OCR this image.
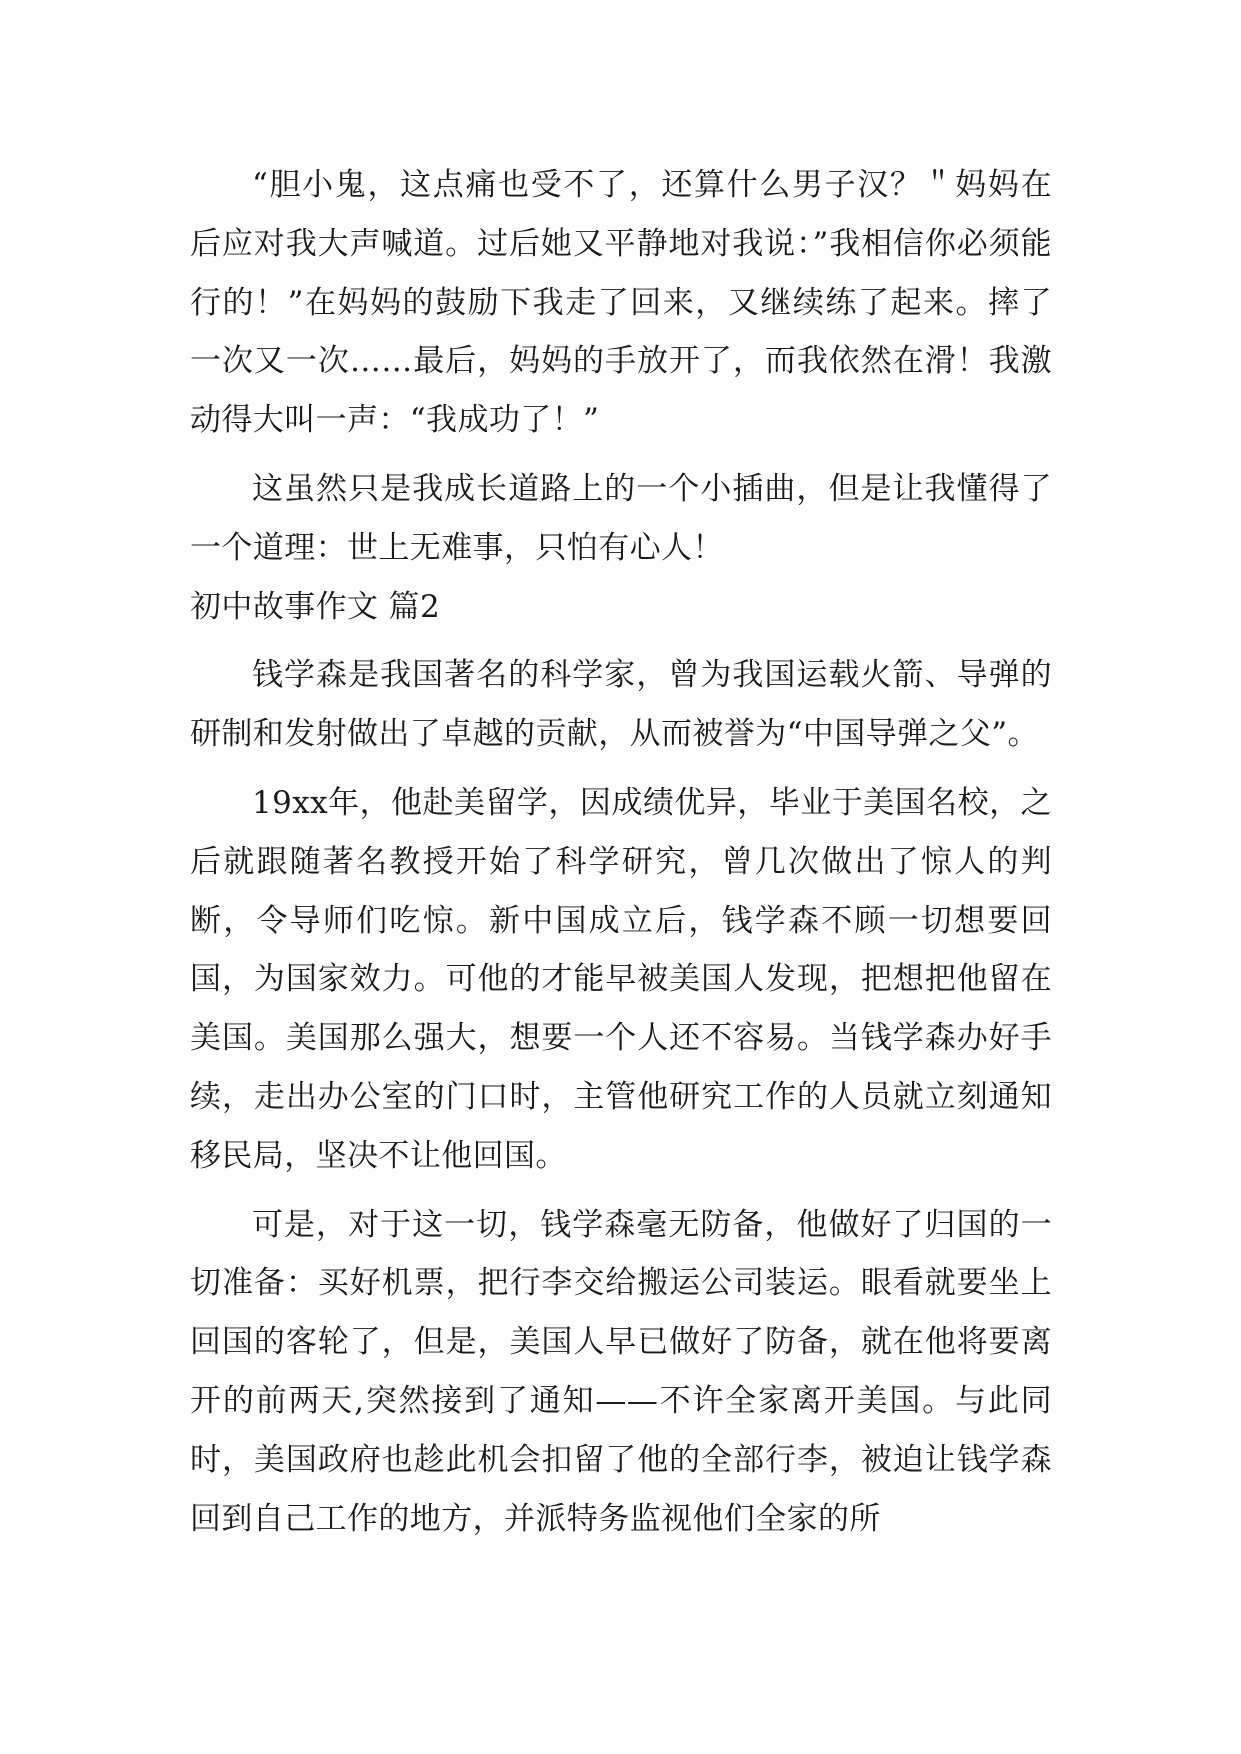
“胆小鬼，这点痛也受不了，还算什么男子汉？＂妈妈在后应对我大声喊道。过后她又平静地对我说：”我相信你必须能行的！”在妈妈的鼓励下我走了回来，又继续练了起来。摔了一次又一次……最后，妈妈的手放开了，而我依然在滑！我激动得大叫一声：“我成功了！”

这虽然只是我成长道路上的一个小插曲，但是让我懂得了一个道理：世上无难事，只怕有心人！

初中故事作文 篇2

钱学森是我国著名的科学家，曾为我国运载火箭、导弹的研制和发射做出了卓越的贡献，从而被誉为“中国导弹之父”。

19xx年，他赴美留学，因成绩优异，毕业于美国名校，之后就跟随著名教授开始了科学研究，曾几次做出了惊人的判断，令导师们吃惊。新中国成立后，钱学森不顾一切想要回国，为国家效力。可他的才能早被美国人发现，把想把他留在美国。美国那么强大，想要一个人还不容易。当钱学森办好手续，走出办公室的门口时，主管他研究工作的人员就立刻通知移民局，坚决不让他回国。

可是，对于这一切，钱学森毫无防备，他做好了归国的一切准备：买好机票，把行李交给搬运公司装运。眼看就要坐上回国的客轮了，但是，美国人早已做好了防备，就在他将要离开的前两天,突然接到了通知——不许全家离开美国。与此同时，美国政府也趁此机会扣留了他的全部行李，被迫让钱学森回到自己工作的地方，并派特务监视他们全家的所
